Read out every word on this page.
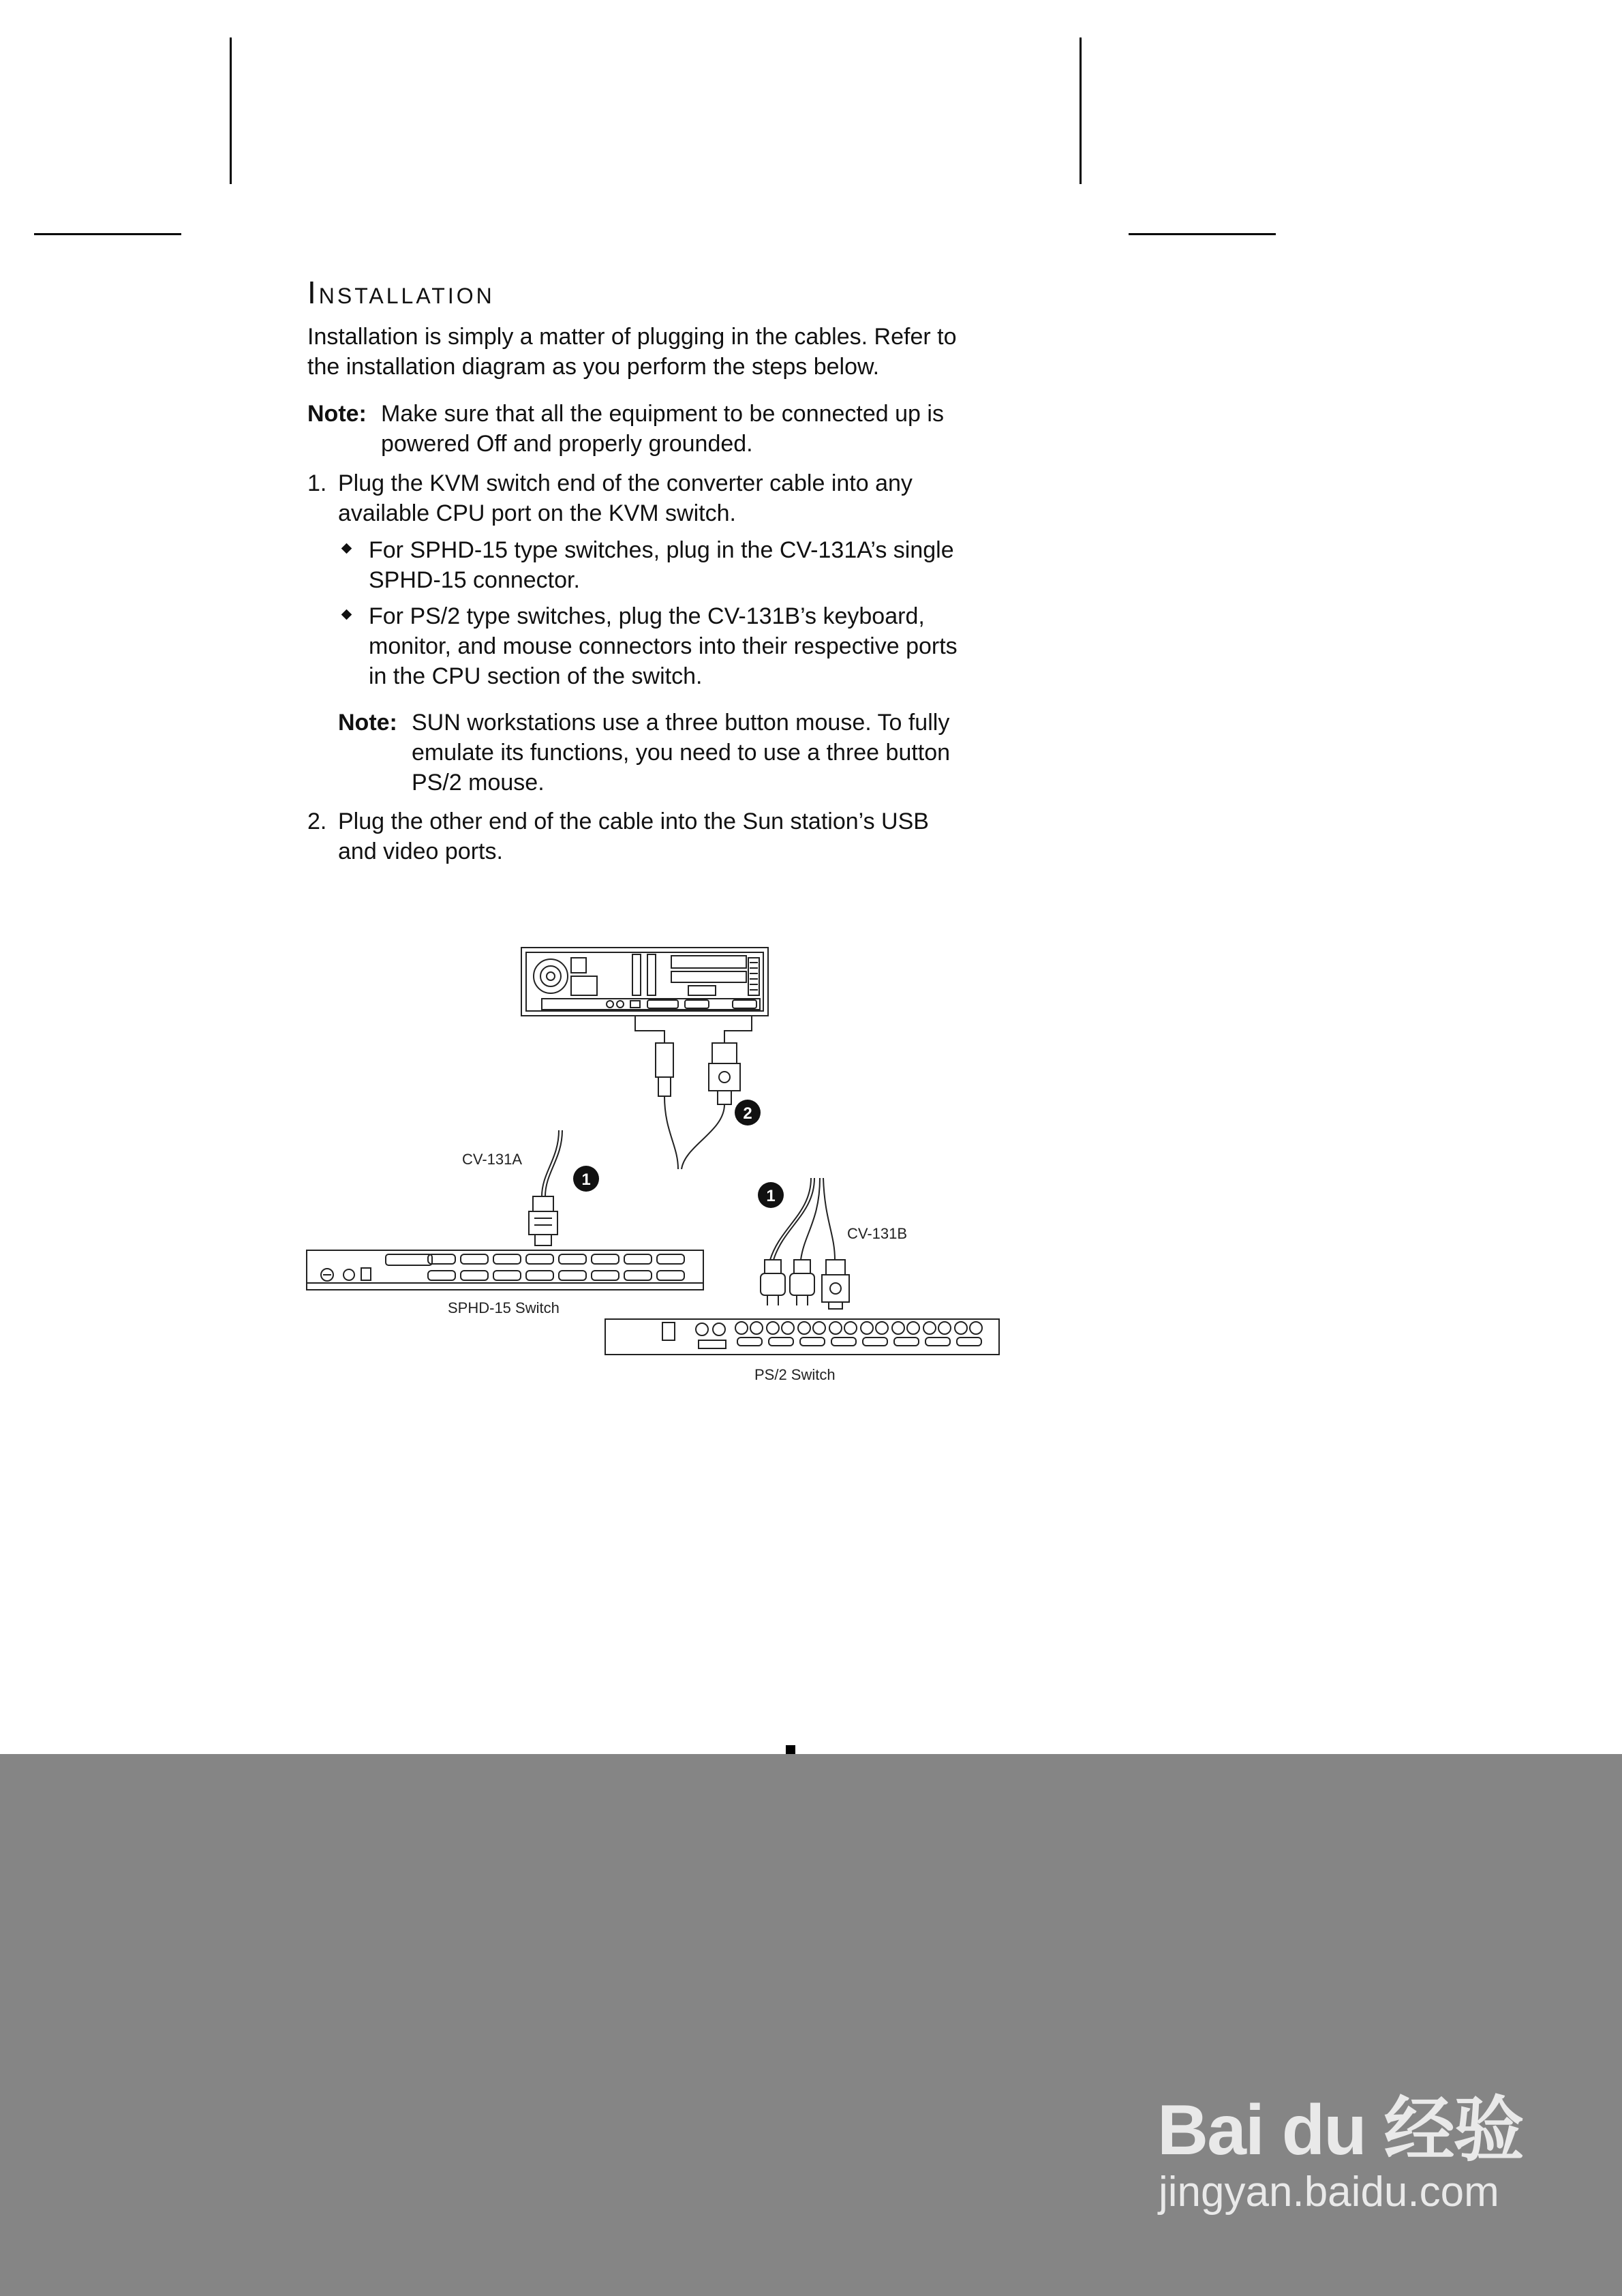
Installation
Installation is simply a matter of plugging in the cables. Refer to
the installation diagram as you perform the steps below.
Note: Make sure that all the equipment to be connected up is
powered Off and properly grounded.
1. Plug the KVM switch end of the converter cable into any
available CPU port on the KVM switch.
For SPHD-15 type switches, plug in the CV-131A’s single
SPHD-15 connector.
For PS/2 type switches, plug the CV-131B’s keyboard,
monitor, and mouse connectors into their respective ports
in the CPU section of the switch.
Note: SUN workstations use a three button mouse. To fully
emulate its functions, you need to use a three button
PS/2 mouse.
2. Plug the other end of the cable into the Sun station’s USB
and video ports.
2
1
1
CV-131A
CV-131B
SPHD-15 Switch
PS/2 Switch
Bai du 经验
jingyan.baidu.com
